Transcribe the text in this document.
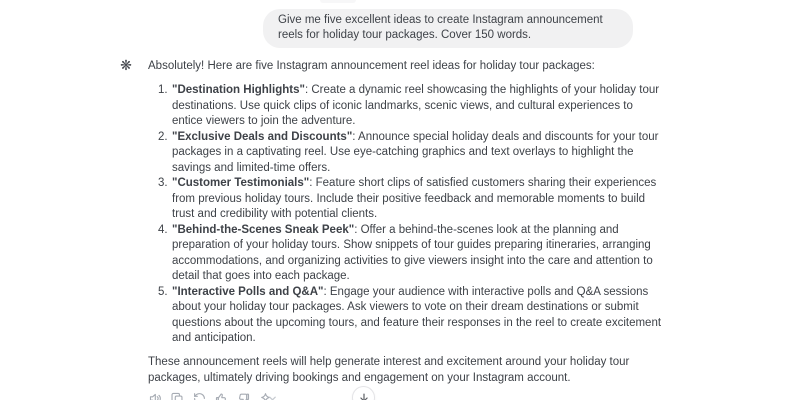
Give me five excellent ideas to create Instagram announcement reels for holiday tour packages. Cover 150 words.
❋ Absolutely! Here are five Instagram announcement reel ideas for holiday tour packages:

1. "Destination Highlights": Create a dynamic reel showcasing the highlights of your holiday tour destinations. Use quick clips of iconic landmarks, scenic views, and cultural experiences to entice viewers to join the adventure.
2. "Exclusive Deals and Discounts": Announce special holiday deals and discounts for your tour packages in a captivating reel. Use eye-catching graphics and text overlays to highlight the savings and limited-time offers.
3. "Customer Testimonials": Feature short clips of satisfied customers sharing their experiences from previous holiday tours. Include their positive feedback and memorable moments to build trust and credibility with potential clients.
4. "Behind-the-Scenes Sneak Peek": Offer a behind-the-scenes look at the planning and preparation of your holiday tours. Show snippets of tour guides preparing itineraries, arranging accommodations, and organizing activities to give viewers insight into the care and attention to detail that goes into each package.
5. "Interactive Polls and Q&A": Engage your audience with interactive polls and Q&A sessions about your holiday tour packages. Ask viewers to vote on their dream destinations or submit questions about the upcoming tours, and feature their responses in the reel to create excitement and anticipation.

These announcement reels will help generate interest and excitement around your holiday tour packages, ultimately driving bookings and engagement on your Instagram account.
